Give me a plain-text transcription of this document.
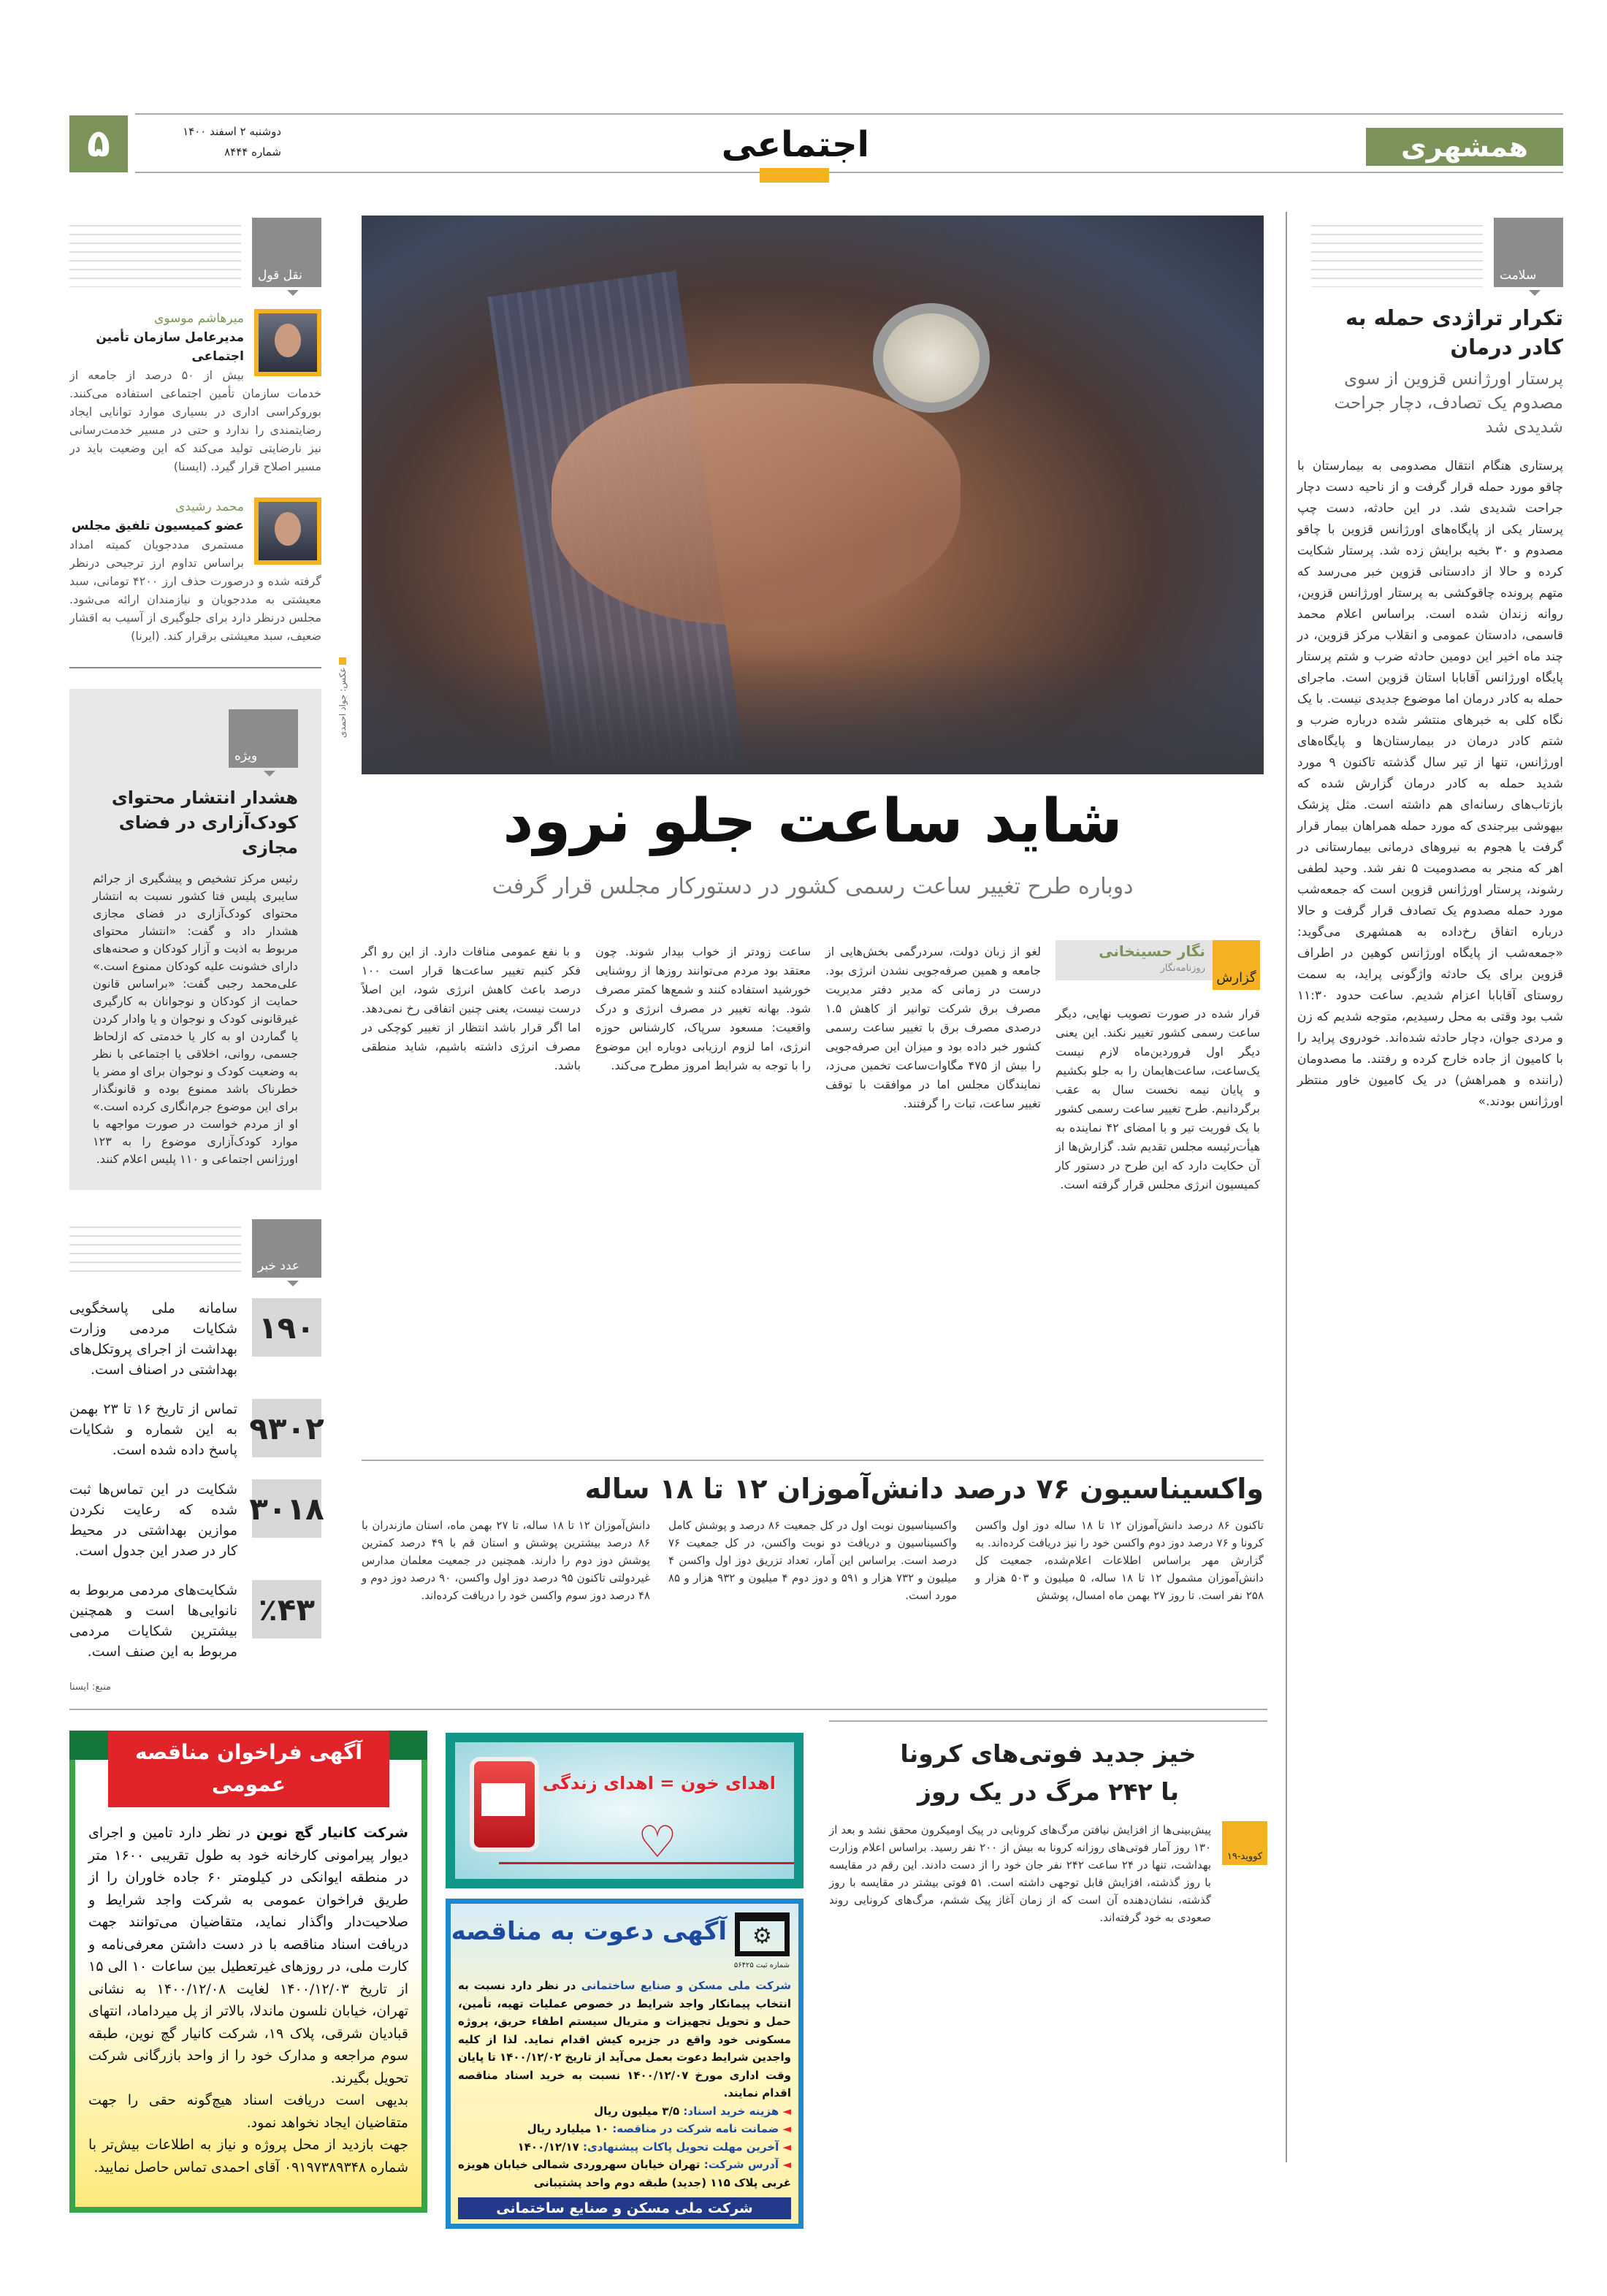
همشهری
اجتماعی
۵	دوشنبه ۲ اسفند ۱۴۰۰
شماره ۸۴۴۴
سلامت
تکرار تراژدی حمله به کادر درمان
پرستار اورژانس قزوین از سوی مصدوم یک تصادف، دچار جراحت شدیدی شد
پرستاری هنگام انتقال مصدومی به بیمارستان با چاقو مورد حمله قرار گرفت و از ناحیه دست دچار جراحت شدیدی شد. در این حادثه، دست چپ پرستار یکی از پایگاه‌های اورژانس قزوین با چاقو مصدوم و ۳۰ بخیه برایش زده شد. پرستار شکایت کرده و حالا از دادستانی قزوین خبر می‌رسد که متهم پرونده چاقوکشی به پرستار اورژانس قزوین، روانه زندان شده است. براساس اعلام محمد قاسمی، دادستان عمومی و انقلاب مرکز قزوین، در چند ماه اخیر این دومین حادثه ضرب و شتم پرستار پایگاه اورژانس آقابابا استان قزوین است. ماجرای حمله به کادر درمان اما موضوع جدیدی نیست. با یک نگاه کلی به خبرهای منتشر شده درباره ضرب و شتم کادر درمان در بیمارستان‌ها و پایگاه‌های اورژانس، تنها از تیر سال گذشته تاکنون ۹ مورد شدید حمله به کادر درمان گزارش شده که بازتاب‌های رسانه‌ای هم داشته است. مثل پزشک بیهوشی بیرجندی که مورد حمله همراهان بیمار قرار گرفت یا هجوم به نیروهای درمانی بیمارستانی در اهر که منجر به مصدومیت ۵ نفر شد. وحید لطفی رشوند، پرستار اورژانس قزوین است که جمعه‌شب مورد حمله مصدوم یک تصادف قرار گرفت و حالا درباره اتفاق رخ‌داده به همشهری می‌گوید: «جمعه‌شب از پایگاه اورژانس کوهین در اطراف قزوین برای یک حادثه واژگونی پراید، به سمت روستای آقابابا اعزام شدیم. ساعت حدود ۱۱:۳۰ شب بود وقتی به محل رسیدیم، متوجه شدیم که زن و مردی جوان، دچار حادثه شده‌اند. خودروی پراید را با کامیون از جاده خارج کرده و رفتند. ما مصدومان (راننده و همراهش) در یک کامیون خاور منتظر اورژانس بودند.»
نقل قول
میرهاشم موسوی
مدیرعامل سازمان تأمین اجتماعی
بیش از ۵۰ درصد از جامعه از خدمات سازمان تأمین اجتماعی استفاده می‌کنند. بوروکراسی اداری در بسیاری موارد توانایی ایجاد رضایتمندی را ندارد و حتی در مسیر خدمت‌رسانی نیز نارضایتی تولید می‌کند که این وضعیت باید در مسیر اصلاح قرار گیرد. (ایسنا)
محمد رشیدی
عضو کمیسیون تلفیق مجلس
مستمری مددجویان کمیته امداد براساس تداوم ارز ترجیحی درنظر گرفته شده و درصورت حذف ارز ۴۲۰۰ تومانی، سبد معیشتی به مددجویان و نیازمندان ارائه می‌شود. مجلس درنظر دارد برای جلوگیری از آسیب به اقشار ضعیف، سبد معیشتی برقرار کند. (ایرنا)
ویژه
هشدار انتشار محتوای کودک‌آزاری در فضای مجازی
رئیس مرکز تشخیص و پیشگیری از جرائم سایبری پلیس فتا کشور نسبت به انتشار محتوای کودک‌آزاری در فضای مجازی هشدار داد و گفت: «انتشار محتوای مربوط به اذیت و آزار کودکان و صحنه‌های دارای خشونت علیه کودکان ممنوع است.» علی‌محمد رجبی گفت: «براساس قانون حمایت از کودکان و نوجوانان به کارگیری غیرقانونی کودک و نوجوان و یا وادار کردن یا گماردن او به کار یا خدمتی که ازلحاظ جسمی، روانی، اخلاقی یا اجتماعی با نظر به وضعیت کودک و نوجوان برای او مضر یا خطرناک باشد ممنوع بوده و قانونگذار برای این موضوع جرم‌انگاری کرده است.» او از مردم خواست در صورت مواجهه با موارد کودک‌آزاری موضوع را به ۱۲۳ اورژانس اجتماعی و ۱۱۰ پلیس اعلام کنند.
عدد خبر
۱۹۰
سامانه ملی پاسخگویی شکایات مردمی وزارت بهداشت از اجرای پروتکل‌های بهداشتی در اصناف است.
۹۳۰۲
تماس از تاریخ ۱۶ تا ۲۳ بهمن به این شماره و شکایات پاسخ داده شده است.
۳۰۱۸
شکایت در این تماس‌ها ثبت شده که رعایت نکردن موازین بهداشتی در محیط کار در صدر این جدول است.
٪۴۳
شکایت‌های مردمی مربوط به نانوایی‌ها است و همچنین بیشترین شکایات مردمی مربوط به این صنف است.
منبع: ایسنا
عکس: جواد احمدی
شاید ساعت جلو نرود
دوباره طرح تغییر ساعت رسمی کشور در دستورکار مجلس قرار گرفت
نگار حسینخانی
روزنامه‌نگار
گزارش
قرار شده در صورت تصویب نهایی، دیگر ساعت رسمی کشور تغییر نکند. این یعنی دیگر اول فروردین‌ماه لازم نیست یک‌ساعت، ساعت‌هایمان را به جلو بکشیم و پایان نیمه نخست سال به عقب برگردانیم. طرح تغییر ساعت رسمی کشور با یک فوریت تیر و با امضای ۴۲ نماینده به هیأت‌رئیسه مجلس تقدیم شد. گزارش‌ها از آن حکایت دارد که این طرح در دستور کار کمیسیون انرژی مجلس قرار گرفته است.
لغو از زبان دولت، سردرگمی بخش‌هایی از جامعه و همین صرفه‌جویی نشدن انرژی بود. درست در زمانی که مدیر دفتر مدیریت مصرف برق شرکت توانیر از کاهش ۱.۵ درصدی مصرف برق با تغییر ساعت رسمی کشور خبر داده بود و میزان این صرفه‌جویی را بیش از ۴۷۵ مگاوات‌ساعت تخمین می‌زد، نمایندگان مجلس اما در موافقت با توقف تغییر ساعت، تبات را گرفتند.
ساعت زودتر از خواب بیدار شوند. چون معتقد بود مردم می‌توانند روزها از روشنایی خورشید استفاده کنند و شمع‌ها کمتر مصرف شود. بهانه تغییر در مصرف انرژی و درک واقعیت: مسعود سرپاک، کارشناس حوزه انرژی، اما لزوم ارزیابی دوباره این موضوع را با توجه به شرایط امروز مطرح می‌کند.
و با نفع عمومی منافات دارد. از این رو اگر فکر کنیم تغییر ساعت‌ها قرار است ۱۰۰ درصد باعث کاهش انرژی شود، این اصلاً درست نیست، یعنی چنین اتفاقی رخ نمی‌دهد. اما اگر قرار باشد انتظار از تغییر کوچکی در مصرف انرژی داشته باشیم، شاید منطقی باشد.
واکسیناسیون ۷۶ درصد دانش‌آموزان ۱۲ تا ۱۸ ساله
تاکنون ۸۶ درصد دانش‌آموزان ۱۲ تا ۱۸ ساله دوز اول واکسن کرونا و ۷۶ درصد دوز دوم واکسن خود را نیز دریافت کرده‌اند. به گزارش مهر براساس اطلاعات اعلام‌شده، جمعیت کل دانش‌آموزان مشمول ۱۲ تا ۱۸ ساله، ۵ میلیون و ۵۰۳ هزار و ۲۵۸ نفر است. تا روز ۲۷ بهمن ماه امسال، پوشش
واکسیناسیون نوبت اول در کل جمعیت ۸۶ درصد و پوشش کامل واکسیناسیون و دریافت دو نوبت واکسن، در کل جمعیت ۷۶ درصد است. براساس این آمار، تعداد تزریق دوز اول واکسن ۴ میلیون و ۷۳۲ هزار و ۵۹۱ و دوز دوم ۴ میلیون و ۹۳۲ هزار و ۸۵ مورد است.
دانش‌آموزان ۱۲ تا ۱۸ ساله، تا ۲۷ بهمن ماه، استان مازندران با ۸۶ درصد بیشترین پوشش و استان قم با ۴۹ درصد کمترین پوشش دوز دوم را دارند. همچنین در جمعیت معلمان مدارس غیردولتی تاکنون ۹۵ درصد دوز اول واکسن، ۹۰ درصد دوز دوم و ۴۸ درصد دوز سوم واکسن خود را دریافت کرده‌اند.
خیز جدید فوتی‌های کرونا
با ۲۴۲ مرگ در یک روز
کووید-۱۹
پیش‌بینی‌ها از افزایش نیافتن مرگ‌های کرونایی در پیک اومیکرون محقق نشد و بعد از ۱۳۰ روز آمار فوتی‌های روزانه کرونا به بیش از ۲۰۰ نفر رسید. براساس اعلام وزارت بهداشت، تنها در ۲۴ ساعت ۲۴۲ نفر جان خود را از دست دادند. این رقم در مقایسه با روز گذشته، افزایش قابل توجهی داشته است. ۵۱ فوتی بیشتر در مقایسه با روز گذشته، نشان‌دهنده آن است که از زمان آغاز پیک ششم، مرگ‌های کرونایی روند صعودی به خود گرفته‌اند.
آگهی فراخوان مناقصه عمومی
یک مرحله‌ای
شرکت کانیار گچ نوین در نظر دارد تامین و اجرای دیوار پیرامونی کارخانه خود به طول تقریبی ۱۶۰۰ متر در منطقه ایوانکی در کیلومتر ۶۰ جاده خاوران را از طریق فراخوان عمومی به شرکت واجد شرایط و صلاحیت‌دار واگذار نماید، متقاضیان می‌توانند جهت دریافت اسناد مناقصه با در دست داشتن معرفی‌نامه و کارت ملی، در روزهای غیرتعطیل بین ساعات ۱۰ الی ۱۵ از تاریخ ۱۴۰۰/۱۲/۰۳ لغایت ۱۴۰۰/۱۲/۰۸ به نشانی تهران، خیابان نلسون ماندلا، بالاتر از پل میرداماد، انتهای قبادیان شرقی، پلاک ۱۹، شرکت کانیار گچ نوین، طبقه سوم مراجعه و مدارک خود را از واحد بازرگانی شرکت تحویل بگیرند.
بدیهی است دریافت اسناد هیچ‌گونه حقی را جهت متقاضیان ایجاد نخواهد نمود.
جهت بازدید از محل پروژه و نیاز به اطلاعات بیش‌تر با شماره ۰۹۱۹۷۳۸۹۳۴۸ آقای احمدی تماس حاصل نمایید.
اهدای خون = اهدای زندگی
♡
⚙
آگهی دعوت به مناقصه
شماره ثبت ۵۶۴۲۵
شرکت ملی مسکن و صنایع ساختمانی در نظر دارد نسبت به انتخاب پیمانکار واجد شرایط در خصوص عملیات تهیه، تأمین، حمل و تحویل تجهیزات و متریال سیستم اطفاء حریق، پروژه مسکونی خود واقع در جزیره کیش اقدام نماید. لذا از کلیه واجدین شرایط دعوت بعمل می‌آید از تاریخ ۱۴۰۰/۱۲/۰۲ تا پایان وقت اداری مورخ ۱۴۰۰/۱۲/۰۷ نسبت به خرید اسناد مناقصه اقدام نمایند.
◄ هزینه خرید اسناد: ۳/۵ میلیون ریال
◄ ضمانت نامه شرکت در مناقصه: ۱۰ میلیارد ریال
◄ آخرین مهلت تحویل پاکات پیشنهادی: ۱۴۰۰/۱۲/۱۷
◄ آدرس شرکت: تهران خیابان سهروردی شمالی خیابان هویزه غربی پلاک ۱۱۵ (جدید) طبقه دوم واحد پشتیبانی
شرکت ملی مسکن و صنایع ساختمانی
